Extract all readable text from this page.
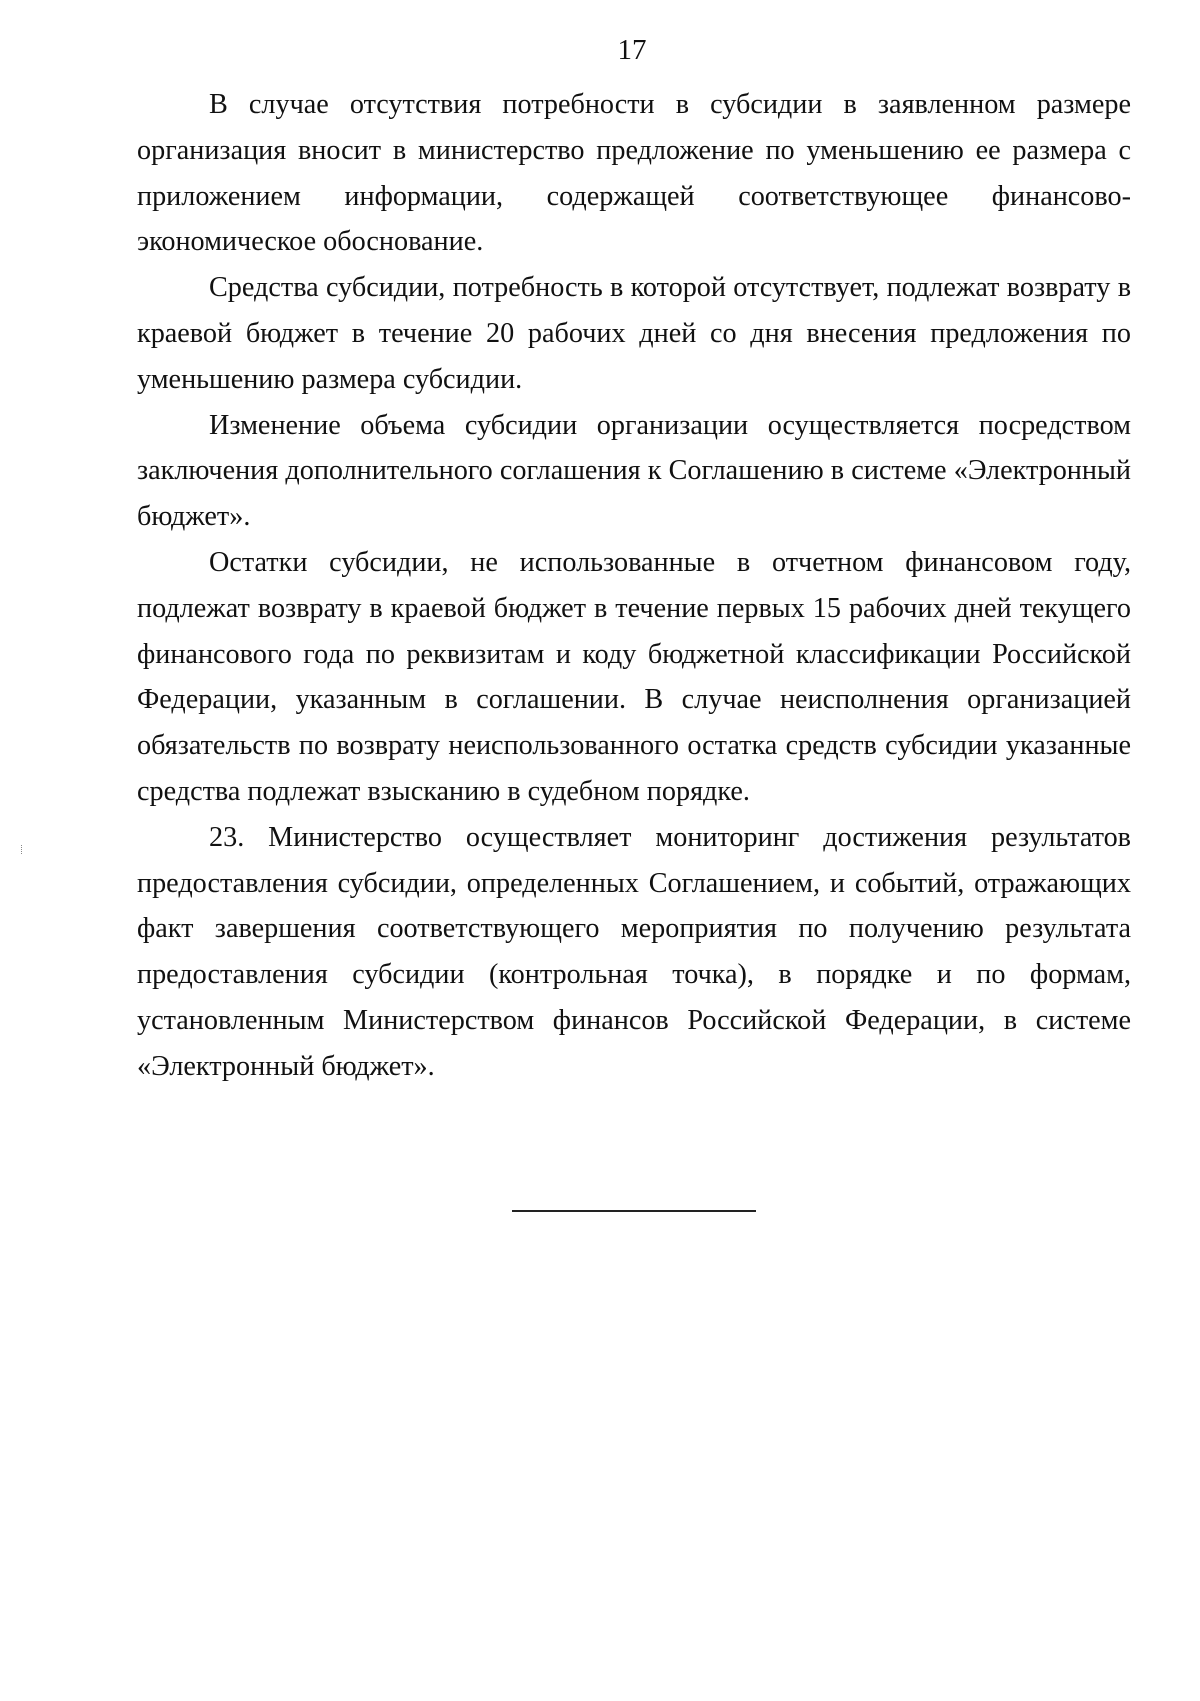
17

В случае отсутствия потребности в субсидии в заявленном размере организация вносит в министерство предложение по уменьшению ее размера с приложением информации, содержащей соответствующее финансово-экономическое обоснование.

Средства субсидии, потребность в которой отсутствует, подлежат возврату в краевой бюджет в течение 20 рабочих дней со дня внесения предложения по уменьшению размера субсидии.

Изменение объема субсидии организации осуществляется посредством заключения дополнительного соглашения к Соглашению в системе «Электронный бюджет».

Остатки субсидии, не использованные в отчетном финансовом году, подлежат возврату в краевой бюджет в течение первых 15 рабочих дней текущего финансового года по реквизитам и коду бюджетной классификации Российской Федерации, указанным в соглашении. В случае неисполнения организацией обязательств по возврату неиспользованного остатка средств субсидии указанные средства подлежат взысканию в судебном порядке.

23. Министерство осуществляет мониторинг достижения результатов предоставления субсидии, определенных Соглашением, и событий, отражающих факт завершения соответствующего мероприятия по получению результата предоставления субсидии (контрольная точка), в порядке и по формам, установленным Министерством финансов Российской Федерации, в системе «Электронный бюджет».
